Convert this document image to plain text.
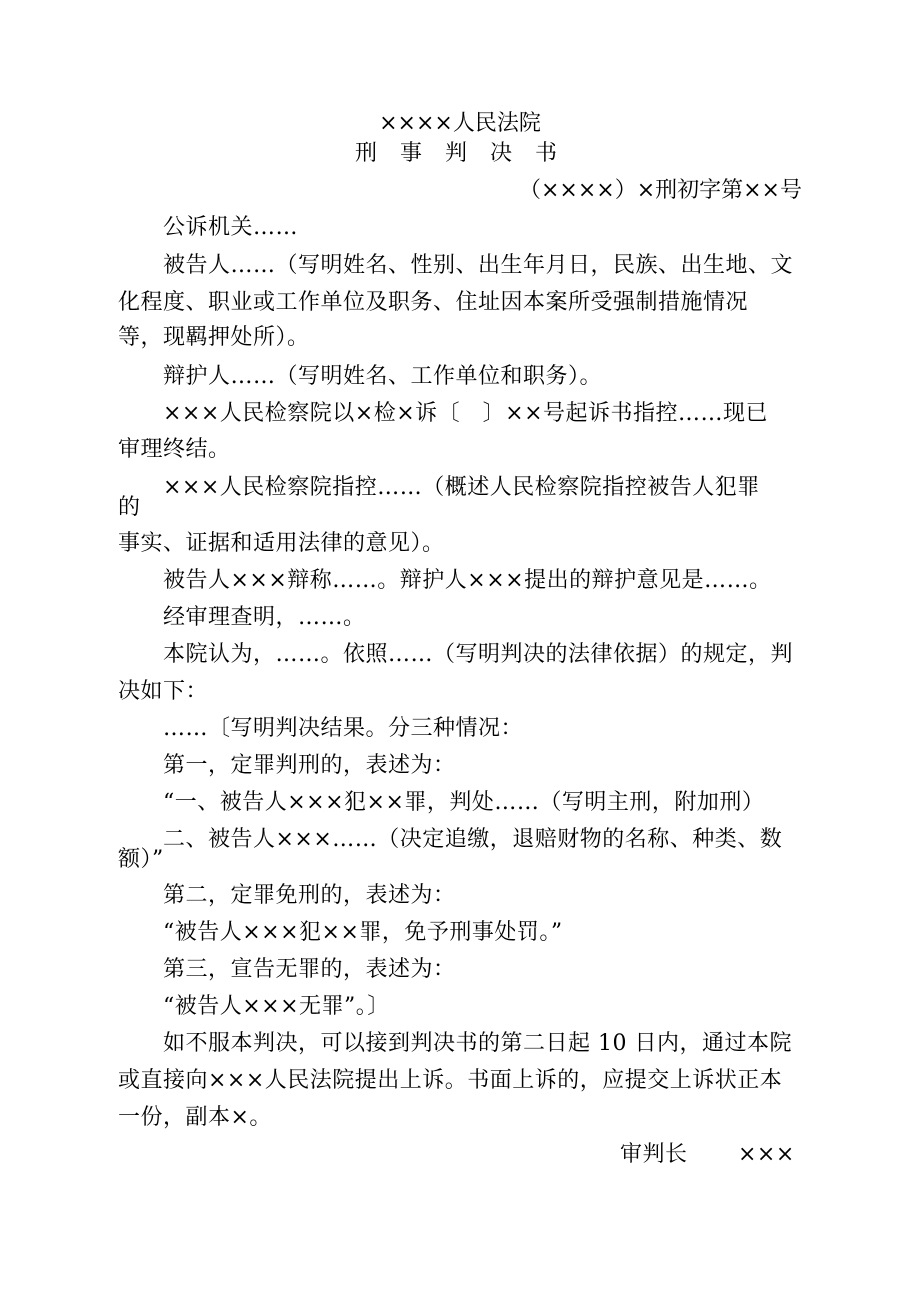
××××人民法院
刑 事 判 决 书
（××××）×刑初字第××号
公诉机关……
被告人……（写明姓名、性别、出生年月日，民族、出生地、文
化程度、职业或工作单位及职务、住址因本案所受强制措施情况
等，现羁押处所）。
辩护人……（写明姓名、工作单位和职务）。
×××人民检察院以×检×诉〔　〕××号起诉书指控……现已
审理终结。
×××人民检察院指控……（概述人民检察院指控被告人犯罪
的
事实、证据和适用法律的意见）。
被告人×××辩称……。辩护人×××提出的辩护意见是……。
经审理查明，……。
本院认为，……。依照……（写明判决的法律依据）的规定，判
决如下：
……〔写明判决结果。分三种情况：
第一，定罪判刑的，表述为：
“一、被告人×××犯××罪，判处……（写明主刑，附加刑）
二、被告人×××……（决定追缴，退赔财物的名称、种类、数
额）”
第二，定罪免刑的，表述为：
“被告人×××犯××罪，免予刑事处罚。”
第三，宣告无罪的，表述为：
“被告人×××无罪”。〕
如不服本判决，可以接到判决书的第二日起 10 日内，通过本院
或直接向×××人民法院提出上诉。书面上诉的，应提交上诉状正本
一份，副本×。
审判长 ×××
